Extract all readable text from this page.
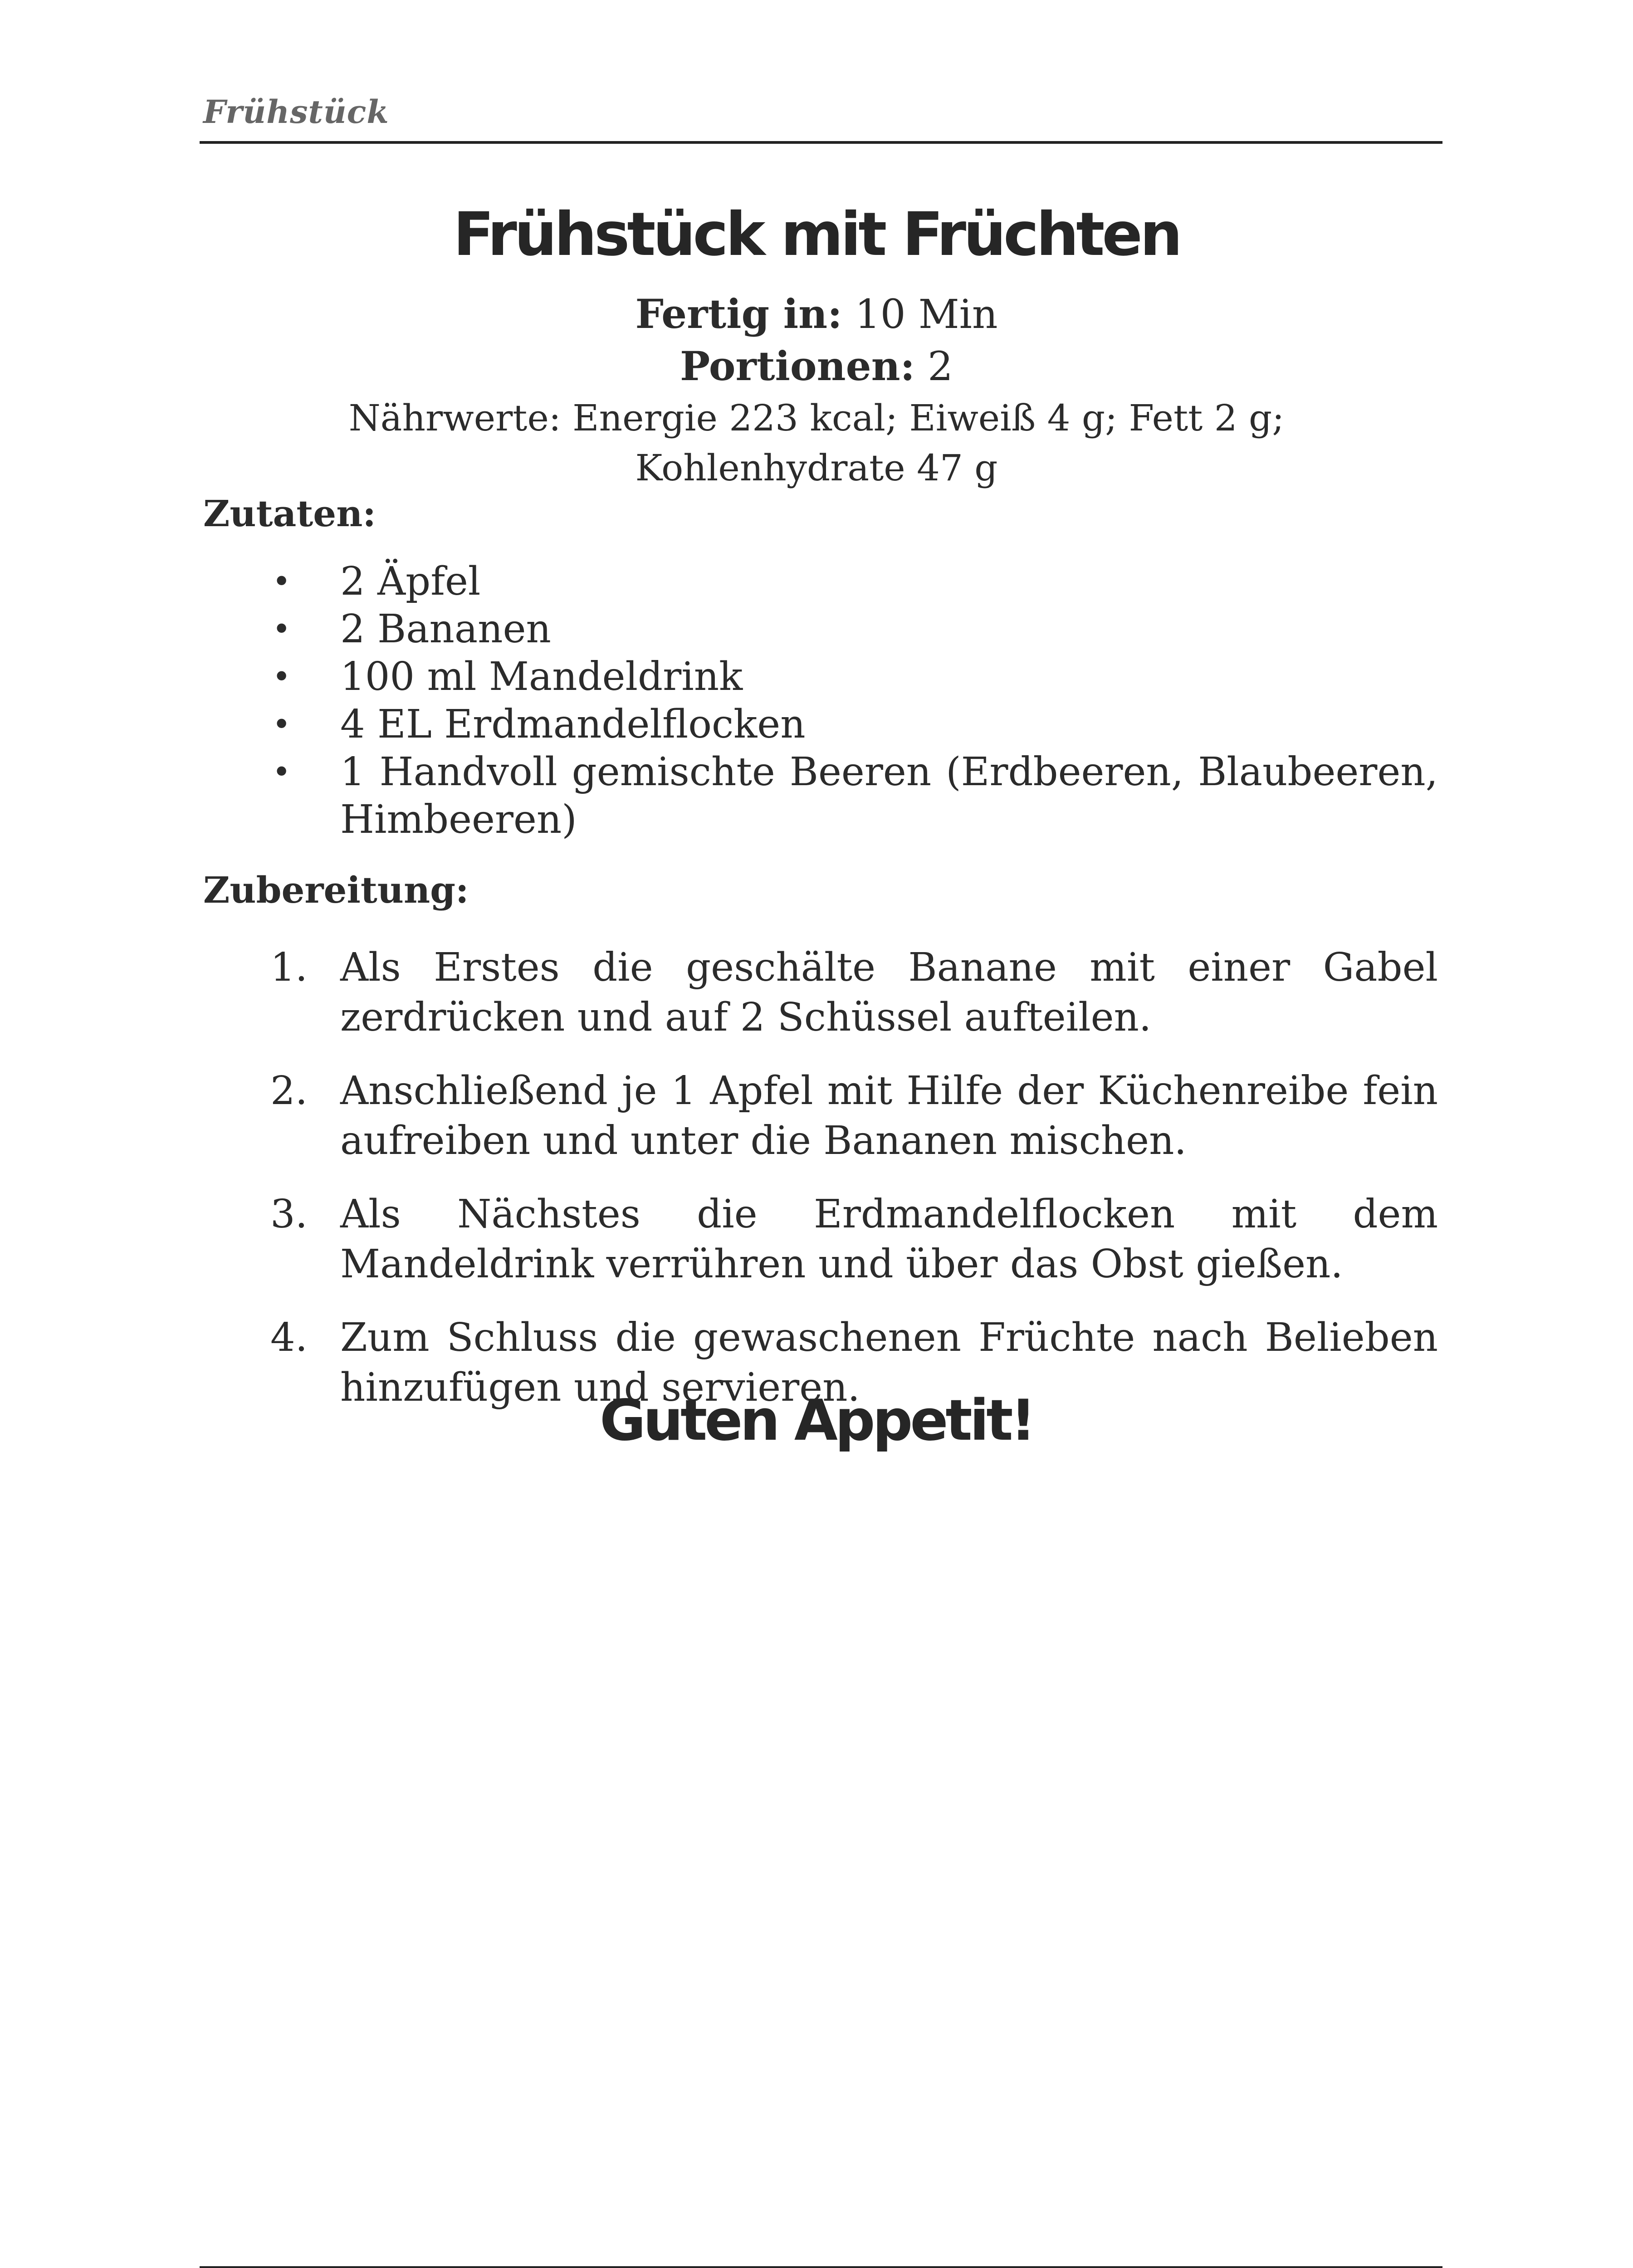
Frühstück
Frühstück mit Früchten
Fertig in: 10 Min
Portionen: 2
Nährwerte: Energie 223 kcal; Eiweiß 4 g; Fett 2 g;
Kohlenhydrate 47 g
Zutaten:
• 2 Äpfel
• 2 Bananen
• 100 ml Mandeldrink
• 4 EL Erdmandelflocken
• 1 Handvoll gemischte Beeren (Erdbeeren, Blaubeeren, Himbeeren)
Zubereitung:
1. Als Erstes die geschälte Banane mit einer Gabel zerdrücken und auf 2 Schüssel aufteilen.
2. Anschließend je 1 Apfel mit Hilfe der Küchenreibe fein aufreiben und unter die Bananen mischen.
3. Als Nächstes die Erdmandelflocken mit dem Mandeldrink verrühren und über das Obst gießen.
4. Zum Schluss die gewaschenen Früchte nach Belieben hinzufügen und servieren.
Guten Appetit!
